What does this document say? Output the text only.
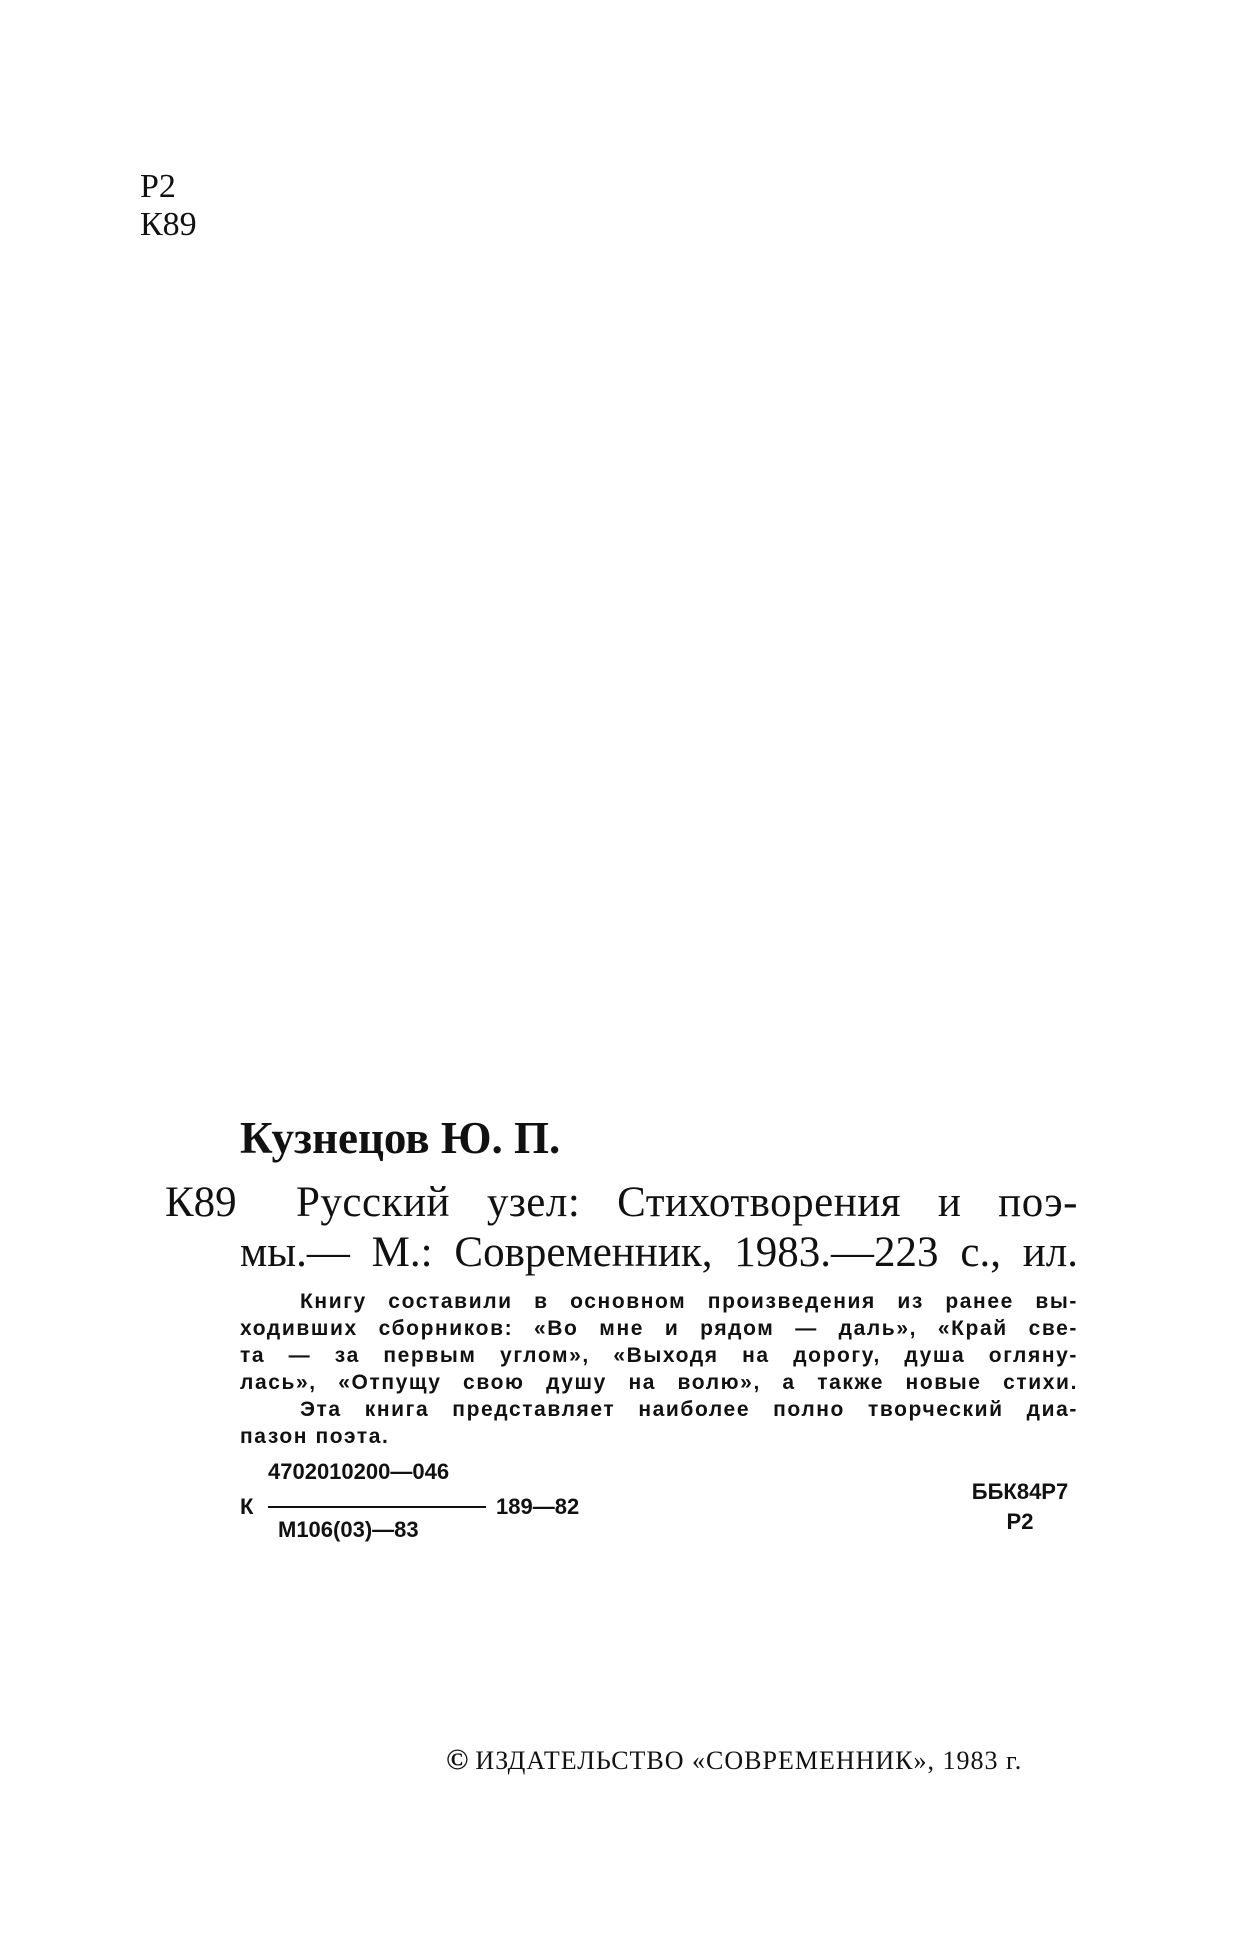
Р2
К89
Кузнецов Ю. П.
К89 Русский узел: Стихотворения и поэ-
мы.— М.: Современник, 1983.—223 с., ил.
Книгу составили в основном произведения из ранее вы-
ходивших сборников: «Во мне и рядом — даль», «Край све-
та — за первым углом», «Выходя на дорогу, душа оглянy-
лась», «Отпущу свою душу на волю», а также новые стихи.
Эта книга представляет наиболее полно творческий диа-
пазон поэта.
К
4702010200—046
М106(03)—83
189—82
ББК84Р7
Р2
© ИЗДАТЕЛЬСТВО «СОВРЕМЕННИК», 1983 г.
